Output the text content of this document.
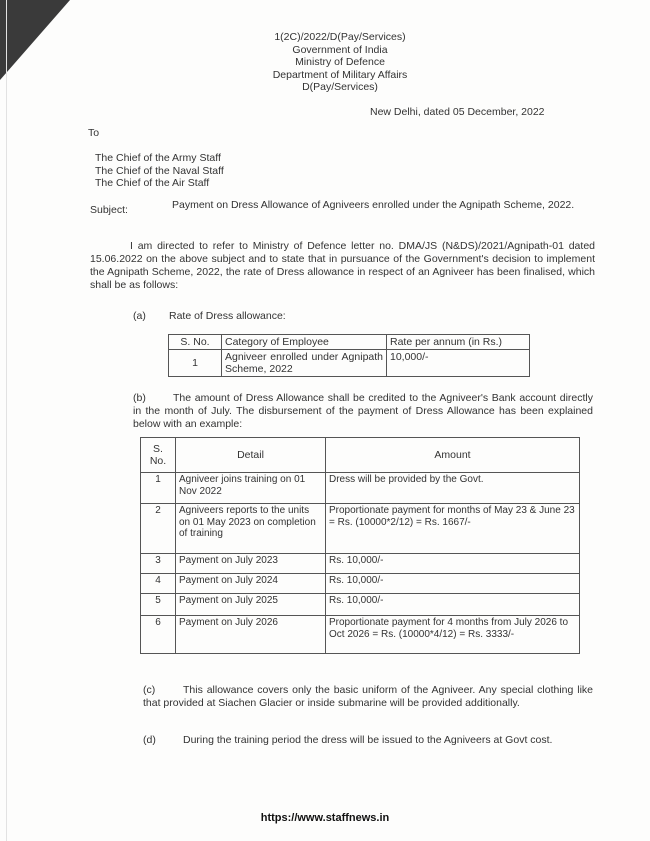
1(2C)/2022/D(Pay/Services)
Government of India
Ministry of Defence
Department of Military Affairs
D(Pay/Services)
New Delhi, dated 05 December, 2022
To
The Chief of the Army Staff
The Chief of the Naval Staff
The Chief of the Air Staff
Subject:	Payment on Dress Allowance of Agniveers enrolled under the Agnipath Scheme, 2022.
I am directed to refer to Ministry of Defence letter no. DMA/JS (N&DS)/2021/Agnipath-01 dated 15.06.2022 on the above subject and to state that in pursuance of the Government's decision to implement the Agnipath Scheme, 2022, the rate of Dress allowance in respect of an Agniveer has been finalised, which shall be as follows:
(a) Rate of Dress allowance:
S. No.	Category of Employee	Rate per annum (in Rs.)
1	Agniveer enrolled under Agnipath Scheme, 2022	10,000/-
(b)	The amount of Dress Allowance shall be credited to the Agniveer's Bank account directly in the month of July. The disbursement of the payment of Dress Allowance has been explained below with an example:
S. No.	Detail	Amount
1	Agniveer joins training on 01 Nov 2022	Dress will be provided by the Govt.
2	Agniveers reports to the units on 01 May 2023 on completion of training	Proportionate payment for months of May 23 & June 23 = Rs. (10000*2/12) = Rs. 1667/-
3	Payment on July 2023	Rs. 10,000/-
4	Payment on July 2024	Rs. 10,000/-
5	Payment on July 2025	Rs. 10,000/-
6	Payment on July 2026	Proportionate payment for 4 months from July 2026 to Oct 2026 = Rs. (10000*4/12) = Rs. 3333/-
(c)	This allowance covers only the basic uniform of the Agniveer. Any special clothing like that provided at Siachen Glacier or inside submarine will be provided additionally.
(d)	During the training period the dress will be issued to the Agniveers at Govt cost.
https://www.staffnews.in
